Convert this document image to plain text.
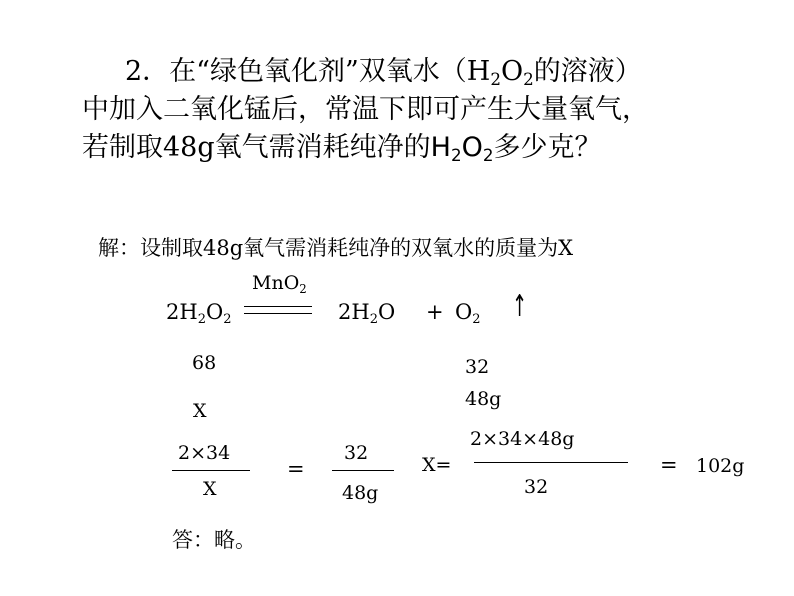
2．在“绿色氧化剂”双氧水（H2O2的溶液）
中加入二氧化锰后，常温下即可产生大量氧气，
若制取48g氧气需消耗纯净的H2O2多少克？
解：设制取48g氧气需消耗纯净的双氧水的质量为X
MnO2
2H2O2	2H2O + O2 ↑
68	32
48g
X
2×34
X
=
32
48g
X=
2×34×48g
32
= 102g
答：略。
